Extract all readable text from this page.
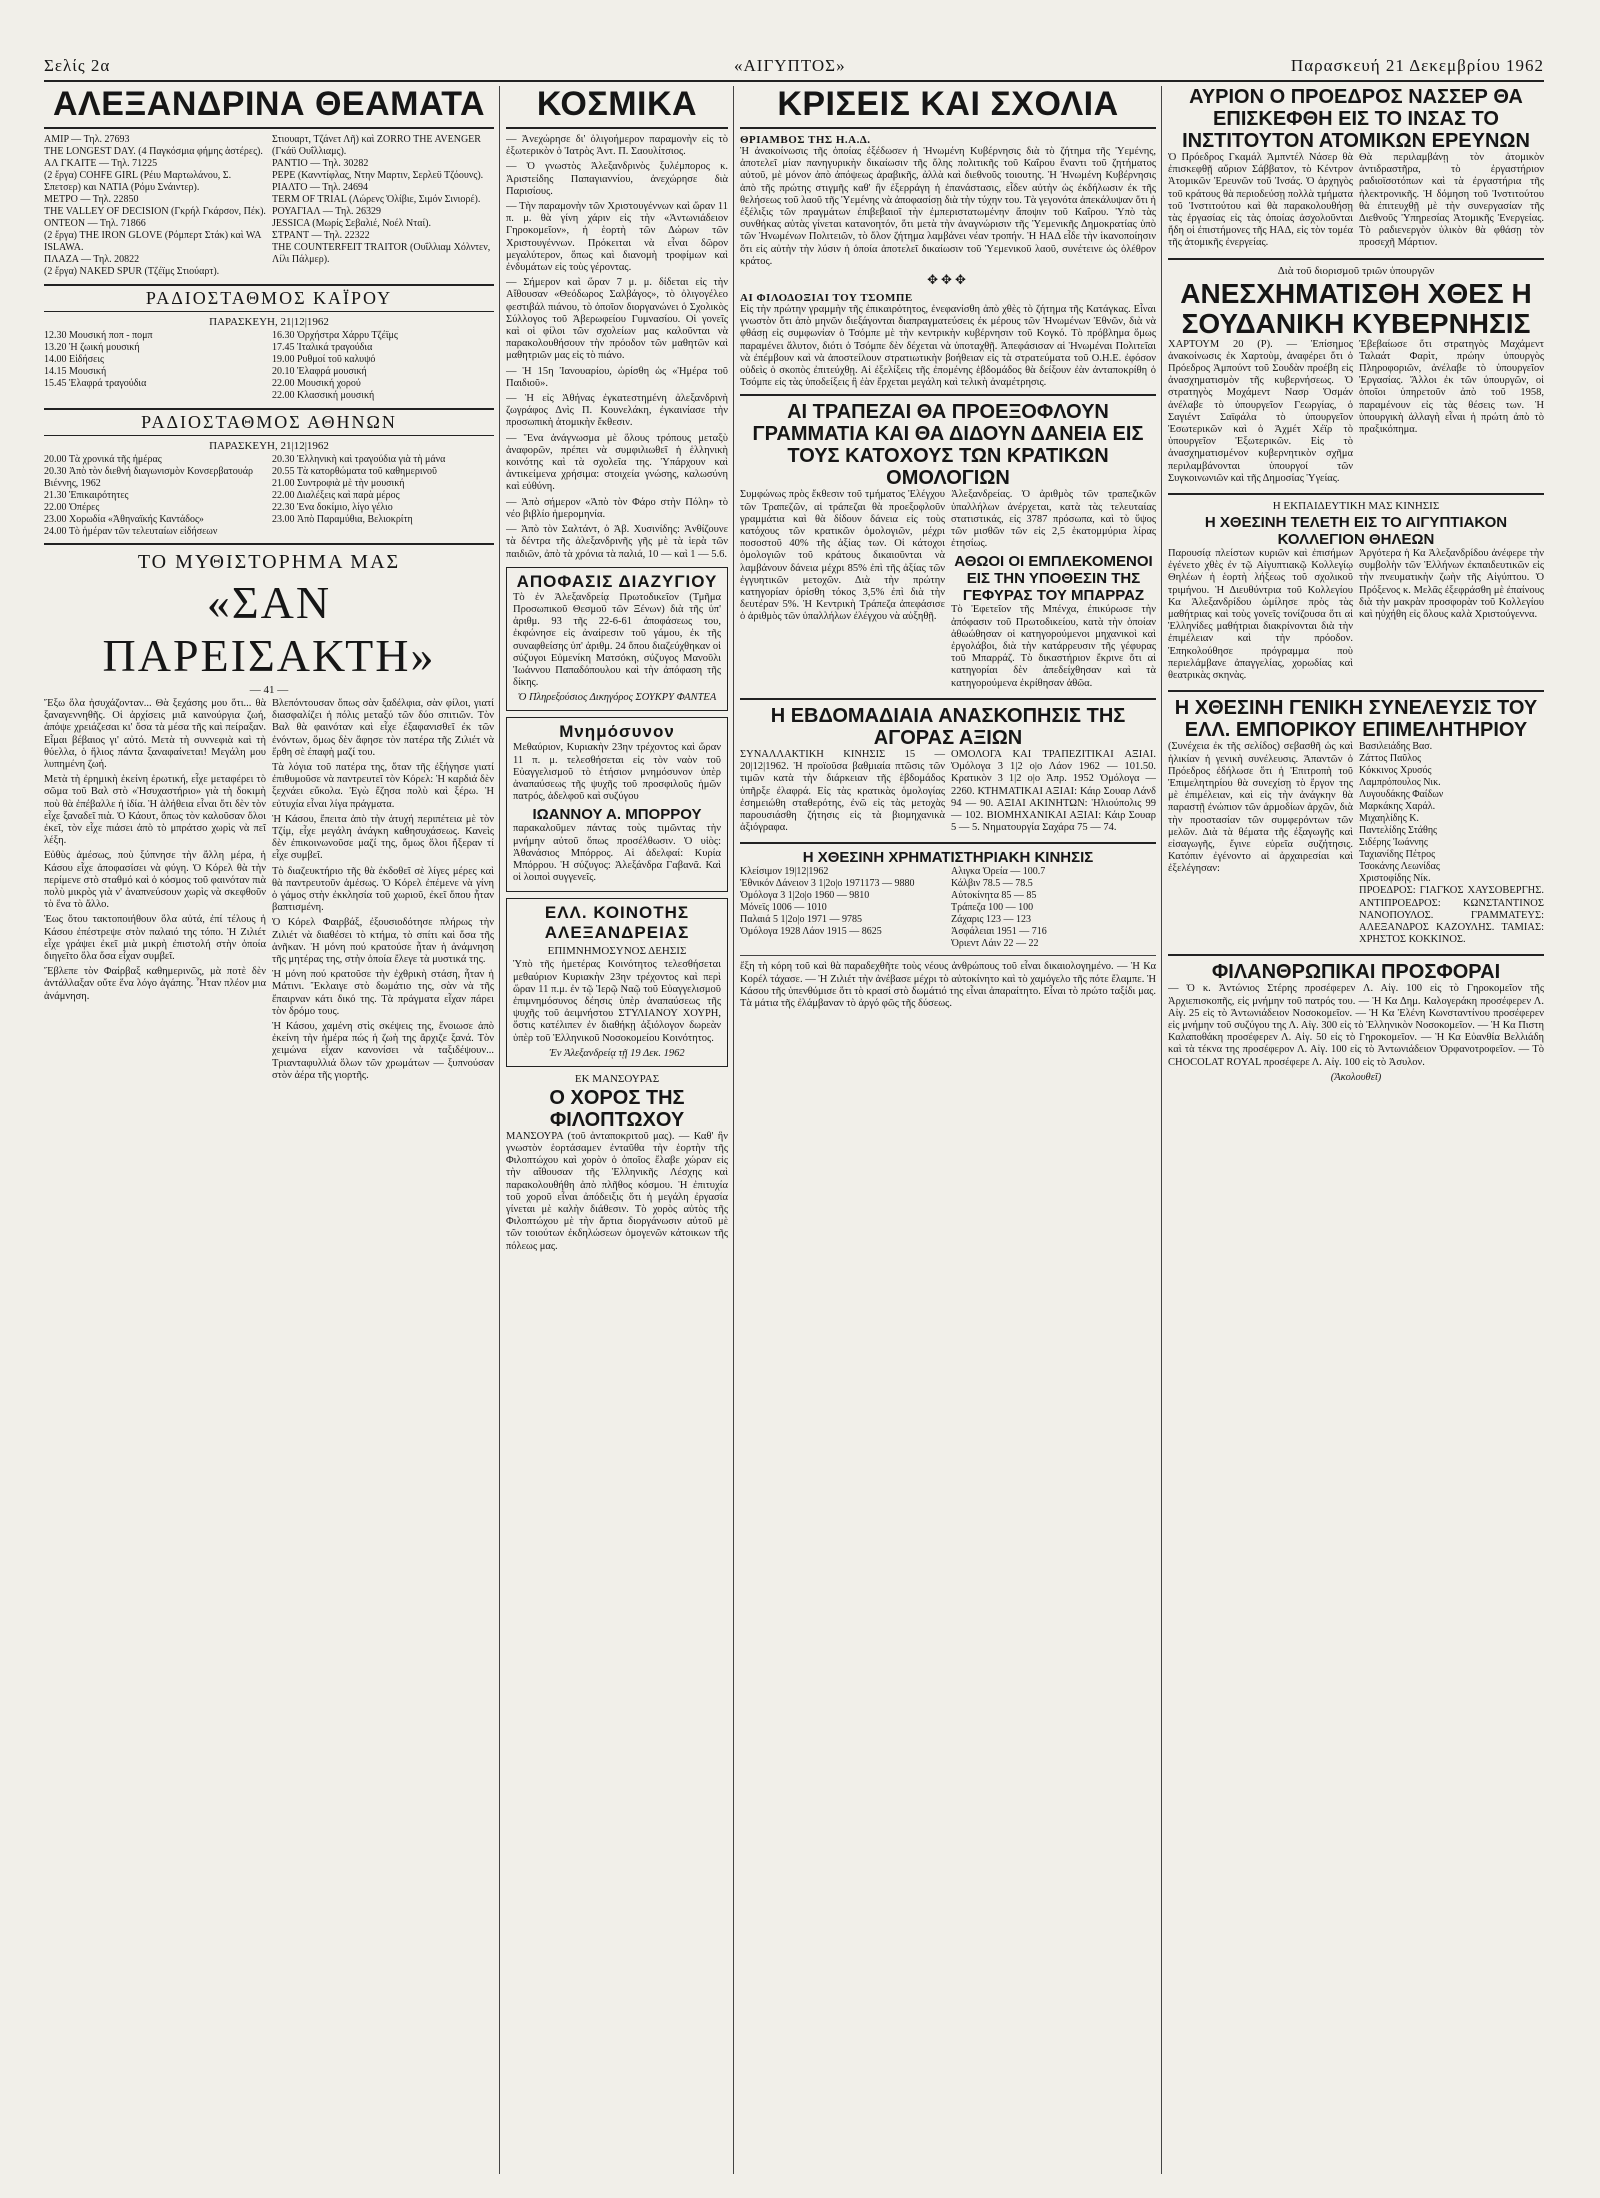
Σελίς 2α	«ΑΙΓΥΠΤΟΣ»	Παρασκευή 21 Δεκεμβρίου 1962
ΑΛΕΞΑΝΔΡΙΝΑ ΘΕΑΜΑΤΑ
AMIP — Τηλ. 27693
THE LONGEST DAY. (4 Παγκόσμια φήμης ἀστέρες).
ΑΛ ΓΚΑΙΤΕ — Τηλ. 71225
(2 ἔργα) COHFE GIRL (Ρέιυ Μαρτωλάνου, Σ. Σπετσερ) και ΝΑΤΙΑ (Ρόμυ Σνάιντερ).
ΜΕΤΡΟ — Τηλ. 22850
THE VALLEY OF DECISION (Γκρήλ Γκάρσον, Πέκ).
ΟΝΤΕΟΝ — Τηλ. 71866
(2 ἔργα) THE IRON GLOVE (Ρόμπερτ Στάκ) καὶ WA ISLAWA.
ΠΛΑΖΑ — Τηλ. 20822
(2 ἔργα) NAKED SPUR (Τζέϊμς Στιούαρτ).
Στιουαρτ, Τζάνετ Λῆ) καὶ ZORRO THE AVENGER (Γκάϋ Ουΐλλιαμς).
ΡΑΝΤΙΟ — Τηλ. 30282
PEPE (Κανντίφλας, Ντην Μαρτιν, Σερλεϋ Τζόουνς).
ΡΙΑΛΤΟ — Τηλ. 24694
TERM OF TRIAL (Λώρενς Ὀλίβιε, Σιμόν Σινιορέ).
ΡΟΥΑΓΙΑΛ — Τηλ. 26329
JESSICA (Μωρίς Σεβαλιέ, Νοέλ Νταί).
ΣΤΡΑΝΤ — Τηλ. 22322
THE COUNTERFEIT TRAITOR (Ουΐλλιαμ Χόλντεν, Λίλι Πάλμερ).
ΡΑΔΙΟΣΤΑΘΜΟΣ ΚΑΪΡΟΥ
ΠΑΡΑΣΚΕΥΗ, 21|12|1962
12.30 Μουσική ποπ - πομπ
13.20 Ἡ ζωική μουσική
14.00 Εἰδήσεις
14.15 Μουσική
15.45 Ἐλαφρά τραγούδια
16.30 Ὀρχήστρα Χάρρυ Τζέϊμς
17.45 Ἰταλικά τραγούδια
19.00 Ρυθμοί τοῦ καλυψό
20.10 Ἐλαφρά μουσική
22.00 Μουσική χορού
22.00 Κλασσική μουσική
ΡΑΔΙΟΣΤΑΘΜΟΣ ΑΘΗΝΩΝ
ΠΑΡΑΣΚΕΥΗ, 21|12|1962
20.00 Τὰ χρονικά τῆς ἡμέρας
20.30 Ἀπὸ τὸν διεθνή διαγωνισμὸν Κονσερβατουάρ Βιέννης, 1962
21.30 Ἐπικαιρότητες
22.00 Ὀπέρες
23.00 Χορωδία «Ἀθηναϊκής Καντάδος»
24.00 Τὸ ἡμέραν τῶν τελευταίων εἰδήσεων
20.30 Ἑλληνικὴ καὶ τραγούδια γιὰ τὴ μάνα
20.55 Τὰ κατορθώματα τοῦ καθημερινοῦ
21.00 Συντροφιὰ μὲ τὴν μουσική
22.00 Διαλέξεις καὶ παρὰ μέρος
22.30 Ἐνα δοκίμιο, λίγο γέλιο
23.00 Ἀπὸ Παραμύθια, Βελιοκρίτη
ΤΟ ΜΥΘΙΣΤΟΡΗΜΑ ΜΑΣ
«ΣΑΝ ΠΑΡΕΙΣΑΚΤΗ»
— 41 —

Ἔξω ὅλα ἠσυχάζονταν... Θὰ ξεχάσης μου ὅτι... θὰ ξαναγεννηθῆς. Οἱ ἀρχίσεις μιᾶ καινούργια ζωή, ἀπόψε χρειάζεσαι κι' ὅσα τὰ μέσα τῆς καὶ πείραξαν. Εἶμαι βέβαιος γι' αὐτό. Μετὰ τὴ συννεφιὰ καὶ τὴ θύελλα, ὁ ἥλιος πάντα ξαναφαίνεται! Μεγάλη μου λυπημένη ζωή.

Μετὰ τὴ ἐρημικὴ ἐκείνη ἐρωτική, εἶχε μεταφέρει τὸ σῶμα τοῦ Βαλ στὸ «Ἡσυχαστήριο» γιὰ τὴ δοκιμὴ ποὺ θὰ ἐπέβαλλε ἡ ἰδία. Ἡ ἀλήθεια εἶναι ὅτι δὲν τὸν εἶχε ξαναδεῖ πιὰ. Ὁ Κάουτ, ὅπως τὸν καλοῦσαν ὅλοι ἐκεῖ, τὸν εἶχε πιάσει ἀπὸ τὸ μπράτσο χωρὶς νὰ πεῖ λέξη.

Εὐθὺς ἀμέσως, ποὺ ξύπνησε τὴν ἄλλη μέρα, ἡ Κάσου εἶχε ἀποφασίσει νὰ φύγη. Ὁ Κόρελ θὰ τὴν περίμενε στὸ σταθμό καὶ ὁ κόσμος τοῦ φαινόταν πιὰ πολὺ μικρὸς γιὰ ν' ἀναπνεύσουν χωρὶς νὰ σκεφθοῦν τὸ ἕνα τὸ ἄλλο.

Ἐως ὅτου τακτοποιήθουν ὅλα αὐτά, ἐπί τέλους ἡ Κάσου ἐπέστρεψε στὸν παλαιό της τόπο. Ἡ Ζιλιέτ εἶχε γράψει ἐκεῖ μιὰ μικρὴ ἐπιστολή στὴν ὁποία διηγεῖτο ὅλα ὅσα εἶχαν συμβεῖ.

Ἔβλεπε τὸν Φαίρβαξ καθημερινῶς, μὰ ποτὲ δὲν ἀντάλλαξαν οὔτε ἕνα λόγο ἀγάπης. Ἦταν πλέον μια ἀνάμνηση.

Βλεπόντουσαν ὅπως σὰν ξαδέλφια, σὰν φίλοι, γιατί διασφαλίζει ἡ πόλις μεταξύ τῶν δύο σπιτιῶν. Τὸν Βαλ θὰ φαινόταν καὶ εἶχε ἐξαφανισθεῖ ἐκ τῶν ἐνόντων, ὅμως δὲν ἄφησε τὸν πατέρα τῆς Ζιλιέτ νὰ ἔρθη σὲ ἐπαφὴ μαζί του.

Τὰ λόγια τοῦ πατέρα της, ὅταν τῆς ἐξήγησε γιατί ἐπιθυμοῦσε νὰ παντρευτεῖ τὸν Κόρελ: Ἡ καρδιά δὲν ξεχνάει εὔκολα. Ἐγὼ ἔζησα πολὺ καὶ ξέρω. Ἡ εὐτυχία εἶναι λίγα πράγματα.

Ἡ Κάσου, ἔπειτα ἀπὸ τὴν ἀτυχή περιπέτεια μὲ τὸν Τζίμ, εἶχε μεγάλη ἀνάγκη καθησυχάσεως. Κανεὶς δὲν ἐπικοινωνοῦσε μαζί της, ὅμως ὅλοι ἤξεραν τί εἶχε συμβεῖ.

Τὸ διαζευκτήριο τῆς θὰ ἐκδοθεῖ σὲ λίγες μέρες καὶ θὰ παντρευτοῦν ἀμέσως. Ὁ Κόρελ ἐπέμενε νὰ γίνη ὁ γάμος στὴν ἐκκλησία τοῦ χωριοῦ, ἐκεῖ ὅπου ἦταν βαπτισμένη.

Ὁ Κόρελ Φαιρβάξ, ἐξουσιοδότησε πλήρως τὴν Ζιλιέτ νὰ διαθέσει τὸ κτήμα, τὸ σπίτι καὶ ὅσα τῆς ἀνῆκαν. Ἡ μόνη πού κρατούσε ἦταν ἡ ἀνάμνηση τῆς μητέρας της, στὴν ὁποία ἔλεγε τὰ μυστικά της.

Ἡ μόνη πού κρατοῦσε τὴν ἐχθρικὴ στάση, ἦταν ἡ Μάτινι. Ἔκλαιγε στὸ δωμάτιο της, σὰν νὰ τῆς ἔπαιρναν κάτι δικό της. Τὰ πράγματα εἶχαν πάρει τὸν δρόμο τους.

Ἡ Κάσου, χαμένη στὶς σκέψεις της, ἔνοιωσε ἀπὸ ἐκείνη τὴν ἡμέρα πώς ἡ ζωὴ της ἄρχιζε ξανά. Τὸν χειμώνα εἶχαν κανονίσει νὰ ταξιδέψουν... Τριανταφυλλιά ὅλων τῶν χρωμάτων — ξυπνούσαν στὸν ἀέρα τῆς γιορτῆς.

ΚΟΣΜΙΚΑ

— Ἀνεχώρησε δι' ὀλιγοήμερον παραμονὴν εἰς τὸ ἐξωτερικὸν ὁ Ἰατρὸς Ἀντ. Π. Σαουλίτσιος.

— Ὁ γνωστὸς Ἀλεξανδρινὸς ξυλέμπορος κ. Ἀριστείδης Παπαγιαννίου, ἀνεχώρησε διὰ Παρισίους.

— Τὴν παραμονὴν τῶν Χριστουγέννων καὶ ὥραν 11 π. μ. θὰ γίνη χάριν εἰς τὴν «Ἀντωνιάδειον Γηροκομεῖον», ἡ ἑορτὴ τῶν Δώρων τῶν Χριστουγέννων. Πρόκειται νὰ εἶναι δῶρον μεγαλύτερον, ὅπως καὶ διανομὴ τροφίμων καὶ ἐνδυμάτων εἰς τοὺς γέροντας.

— Σήμερον καὶ ὥραν 7 μ. μ. δίδεται εἰς τὴν Αἴθουσαν «Θεόδωρος Σαλβάγος», τὸ ὀλιγογέλεο φεστιβάλ πιάνου, τὸ ὁποῖον διοργανώνει ὁ Σχολικὸς Σύλλογος τοῦ Ἀβερωφείου Γυμνασίου. Οἱ γονεῖς καὶ οἱ φίλοι τῶν σχολείων μας καλοῦνται νὰ παρακολουθήσουν τὴν πρόοδον τῶν μαθητῶν καὶ μαθητριῶν μας εἰς τὸ πιάνο.

— Ἡ 15η Ἰανουαρίου, ὡρίσθη ὡς «Ἡμέρα τοῦ Παιδιοῦ».

— Ἡ εἰς Ἀθήνας ἐγκατεστημένη ἀλεξανδρινὴ ζωγράφος Δνὶς Π. Κουνελάκη, ἐγκαινίασε τὴν προσωπικὴ ἀτομικὴν ἔκθεσιν.

— Ἕνα ἀνάγνωσμα μὲ ὅλους τρόπους μεταξὺ ἀναφορῶν, πρέπει νὰ συμφιλιωθεῖ ἡ ἑλληνικὴ κοινότης καὶ τὰ σχολεῖα της. Ὑπάρχουν καὶ ἀντικείμενα χρήσιμα: στοιχεία γνώσης, καλωσύνη καὶ εὐθύνη.

— Ἀπὸ σήμερον «Ἀπὸ τὸν Φάρο στὴν Πόλη» τὸ νέο βιβλίο ἡμερομηνία.

— Ἀπὸ τὸν Σαλτάντ, ὁ Ἀβ. Χυσινίδης: Ἀνθίζουνε τὰ δέντρα τῆς ἀλεξανδρινῆς γῆς μὲ τὰ ἱερὰ τῶν παιδιῶν, ἀπὸ τὰ χρόνια τὰ παλιά, 10 — καὶ 1 — 5.6.

ΑΠΟΦΑΣΙΣ ΔΙΑΖΥΓΙΟΥ

Τὸ ἐν Ἀλεξανδρείᾳ Πρωτοδικεῖον (Τμῆμα Προσωπικοῦ Θεσμοῦ τῶν Ξένων) διὰ τῆς ὑπ' ἀριθμ. 93 τῆς 22-6-61 ἀποφάσεως του, ἐκφώνησε εἰς ἀναίρεσιν τοῦ γάμου, ἐκ τῆς συναφθείσης ὑπ' ἀριθμ. 24 ὅπου διαζεύχθηκαν οἱ σύζυγοι Εὐμενίκη Ματσόκη, σύζυγος Μανοῦλι Ἰωάννου Παπαδόπουλου καὶ τὴν ἀπόφαση τῆς δίκης.

Ὁ Πληρεξούσιος Δικηγόρος ΣΟΥΚΡΥ ΦΑΝΤΕΑ
Μνημόσυνον

Μεθαύριον, Κυριακὴν 23ην τρέχοντος καὶ ὥραν 11 π. μ. τελεσθήσεται εἰς τὸν ναὸν τοῦ Εὐαγγελισμοῦ τὸ ἐτήσιον μνημόσυνον ὑπὲρ ἀναπαύσεως τῆς ψυχῆς τοῦ προσφιλοῦς ἡμῶν πατρός, ἀδελφοῦ καὶ συζύγου

ΙΩΑΝΝΟΥ Α. ΜΠΟΡΡΟΥ

παρακαλοῦμεν πάντας τοὺς τιμῶντας τὴν μνήμην αὐτοῦ ὅπως προσέλθωσιν. Ὁ υἱὸς: Ἀθανάσιος Μπόρρος. Αἱ ἀδελφαί: Κυρία Μπόρρου. Ἡ σύζυγος: Ἀλεξάνδρα Γαβανᾶ. Καὶ οἱ λοιποὶ συγγενεῖς.

ΕΛΛ. ΚΟΙΝΟΤΗΣ ΑΛΕΞΑΝΔΡΕΙΑΣ
ΕΠΙΜΝΗΜΟΣΥΝΟΣ ΔΕΗΣΙΣ

Ὑπὸ τῆς ἡμετέρας Κοινότητος τελεσθήσεται μεθαύριον Κυριακὴν 23ην τρέχοντος καὶ περὶ ὥραν 11 π.μ. ἐν τῷ Ἱερῷ Ναῷ τοῦ Εὐαγγελισμοῦ ἐπιμνημόσυνος δέησις ὑπὲρ ἀναπαύσεως τῆς ψυχῆς τοῦ ἀειμνήστου ΣΤΥΛΙΑΝΟΥ ΧΟΥΡΗ, ὅστις κατέλιπεν ἐν διαθήκῃ ἀξιόλογον δωρεὰν ὑπὲρ τοῦ Ἑλληνικοῦ Νοσοκομείου Κοινότητος.

Ἐν Ἀλεξανδρείᾳ τῇ 19 Δεκ. 1962
ΕΚ ΜΑΝΣΟΥΡΑΣ
Ο ΧΟΡΟΣ ΤΗΣ ΦΙΛΟΠΤΩΧΟΥ

ΜΑΝΣΟΥΡΑ (τοῦ ἀνταποκριτοῦ μας). — Καθ' ἣν γνωστὸν ἑορτάσαμεν ἐνταῦθα τὴν ἑορτὴν τῆς Φιλοπτώχου καὶ χορὸν ὁ ὁποῖος ἔλαβε χώραν εἰς τὴν αἴθουσαν τῆς Ἑλληνικῆς Λέσχης καὶ παρακολουθήθη ἀπὸ πλῆθος κόσμου. Ἡ ἐπιτυχία τοῦ χοροῦ εἶναι ἀπόδειξις ὅτι ἡ μεγάλη ἐργασία γίνεται μὲ καλὴν διάθεσιν. Τὸ χορὸς αὐτὸς τῆς Φιλοπτώχου μὲ τὴν ἄρτια διοργάνωσιν αὐτοῦ μὲ τῶν τοιούτων ἐκδηλώσεων ὁμογενῶν κάτοικων τῆς πόλεως μας.

ΚΡΙΣΕΙΣ ΚΑΙ ΣΧΟΛΙΑ
ΘΡΙΑΜΒΟΣ ΤΗΣ Η.Α.Δ.

Ἡ ἀνακοίνωσις τῆς ὁποίας ἐξέδωσεν ἡ Ἡνωμένη Κυβέρνησις διὰ τὸ ζήτημα τῆς Ὑεμένης, ἀποτελεῖ μίαν πανηγυρικὴν δικαίωσιν τῆς ὅλης πολιτικῆς τοῦ Καΐρου ἔναντι τοῦ ζητήματος αὐτοῦ, μὲ μόνον ἀπὸ ἀπόψεως ἀραβικῆς, ἀλλὰ καὶ διεθνοῦς τοιουτης. Ἡ Ἡνωμένη Κυβέρνησις ἀπὸ τῆς πρώτης στιγμῆς καθ' ἣν ἐξερράγη ἡ ἐπανάστασις, εἶδεν αὐτὴν ὡς ἐκδήλωσιν ἐκ τῆς θελήσεως τοῦ λαοῦ τῆς Ὑεμένης νὰ ἀποφασίσῃ διὰ τὴν τύχην του. Τὰ γεγονότα ἀπεκάλυψαν ὅτι ἡ ἐξέλιξις τῶν πραγμάτων ἐπιβεβαιοῖ τὴν ἐμπεριστατωμένην ἄποψιν τοῦ Καΐρου. Ὑπὸ τὰς συνθήκας αὐτὰς γίνεται κατανοητόν, ὅτι μετὰ τὴν ἀναγνώρισιν τῆς Ὑεμενικῆς Δημοκρατίας ὑπὸ τῶν Ἡνωμένων Πολιτειῶν, τὸ ὅλον ζήτημα λαμβάνει νέαν τροπήν. Ἡ ΗΑΔ εἶδε τὴν ἱκανοποίησιν ὅτι εἰς αὐτὴν τὴν λύσιν ἡ ὁποία ἀποτελεῖ δικαίωσιν τοῦ Ὑεμενικοῦ λαοῦ, συνέτεινε ὡς ὀλέθρον κράτος.

✥✥✥
ΑΙ ΦΙΛΟΔΟΞΙΑΙ ΤΟΥ ΤΣΟΜΠΕ

Εἰς τὴν πρώτην γραμμὴν τῆς ἐπικαιρότητος, ἐνεφανίσθη ἀπὸ χθὲς τὸ ζήτημα τῆς Κατάγκας. Εἶναι γνωστὸν ὅτι ἀπὸ μηνῶν διεξάγονται διαπραγματεύσεις ἐκ μέρους τῶν Ἡνωμένων Ἐθνῶν, διὰ νὰ φθάσῃ εἰς συμφωνίαν ὁ Τσόμπε μὲ τὴν κεντρικὴν κυβέρνησιν τοῦ Κογκό. Τὸ πρόβλημα ὅμως παραμένει ἄλυτον, διότι ὁ Τσόμπε δὲν δέχεται νὰ ὑποταχθῇ. Ἀπεφάσισαν αἱ Ἡνωμέναι Πολιτεῖαι νὰ ἐπέμβουν καὶ νὰ ἀποστείλουν στρατιωτικὴν βοήθειαν εἰς τὰ στρατεύματα τοῦ Ο.Η.Ε. ἐφόσον οὐδεὶς ὁ σκοπὸς ἐπιτεύχθῃ. Αἱ ἐξελίξεις τῆς ἐπομένης ἑβδομάδος θὰ δείξουν ἐὰν ἀνταποκρίθη ὁ Τσόμπε εἰς τὰς ὑποδείξεις ἢ ἐὰν ἔρχεται μεγάλη καὶ τελικὴ ἀναμέτρησις.

ΑΙ ΤΡΑΠΕΖΑΙ ΘΑ ΠΡΟΕΞΟΦΛΟΥΝ ΓΡΑΜΜΑΤΙΑ ΚΑΙ ΘΑ ΔΙΔΟΥΝ ΔΑΝΕΙΑ ΕΙΣ ΤΟΥΣ ΚΑΤΟΧΟΥΣ ΤΩΝ ΚΡΑΤΙΚΩΝ ΟΜΟΛΟΓΙΩΝ

Συμφώνως πρὸς ἔκθεσιν τοῦ τμήματος Ἐλέγχου τῶν Τραπεζῶν, αἱ τράπεζαι θὰ προεξοφλοῦν γραμμάτια καὶ θὰ δίδουν δάνεια εἰς τοὺς κατόχους τῶν κρατικῶν ὁμολογιῶν, μέχρι ποσοστοῦ 40% τῆς ἀξίας των. Οἱ κάτοχοι ὁμολογιῶν τοῦ κράτους δικαιοῦνται νὰ λαμβάνουν δάνεια μέχρι 85% ἐπὶ τῆς ἀξίας τῶν ἐγγυητικῶν μετοχῶν. Διὰ τὴν πρώτην κατηγορίαν ὁρίσθη τόκος 3,5% ἐπὶ διὰ τὴν δευτέραν 5%. Ἡ Κεντρικὴ Τράπεζα ἀπεφάσισε ὁ ἀριθμὸς τῶν ὑπαλλήλων ἐλέγχου νὰ αὐξηθῇ.

Ἀλεξανδρείας. Ὁ ἀριθμὸς τῶν τραπεζικῶν ὑπαλλήλων ἀνέρχεται, κατὰ τὰς τελευταίας στατιστικάς, εἰς 3787 πρόσωπα, καὶ τὸ ὕψος τῶν μισθῶν τῶν εἰς 2,5 ἑκατομμύρια λίρας ἐτησίως.

ΑΘΩΟΙ ΟΙ ΕΜΠΛΕΚΟΜΕΝΟΙ ΕΙΣ ΤΗΝ ΥΠΟΘΕΣΙΝ ΤΗΣ ΓΕΦΥΡΑΣ ΤΟΥ ΜΠΑΡΡΑΖ

Τὸ Ἐφετεῖον τῆς Μπένχα, ἐπικύρωσε τὴν ἀπόφασιν τοῦ Πρωτοδικείου, κατὰ τὴν ὁποίαν ἀθωώθησαν οἱ κατηγορούμενοι μηχανικοὶ καὶ ἐργολάβοι, διὰ τὴν κατάρρευσιν τῆς γέφυρας τοῦ Μπαρράζ. Τὸ δικαστήριον ἔκρινε ὅτι αἱ κατηγορίαι δὲν ἀπεδείχθησαν καὶ τὰ κατηγορούμενα ἐκρίθησαν ἀθῶα.

Η ΕΒΔΟΜΑΔΙΑΙΑ ΑΝΑΣΚΟΠΗΣΙΣ ΤΗΣ ΑΓΟΡΑΣ ΑΞΙΩΝ

ΣΥΝΑΛΛΑΚΤΙΚΗ ΚΙΝΗΣΙΣ 15 — 20|12|1962. Ἡ προϊοῦσα βαθμιαία πτῶσις τῶν τιμῶν κατὰ τὴν διάρκειαν τῆς ἑβδομάδος ὑπῆρξε ἐλαφρά. Εἰς τὰς κρατικὰς ὁμολογίας ἐσημειώθη σταθερότης, ἐνῶ εἰς τὰς μετοχὰς παρουσιάσθη ζήτησις εἰς τὰ βιομηχανικὰ ἀξιόγραφα.

ΟΜΟΛΟΓΑ ΚΑΙ ΤΡΑΠΕΖΙΤΙΚΑΙ ΑΞΙΑΙ. Ὁμόλογα 3 1|2 ο|ο Λάον 1962 — 101.50. Κρατικὸν 3 1|2 ο|ο Ἀπρ. 1952 Ὁμόλογα — 2260. ΚΤΗΜΑΤΙΚΑΙ ΑΞΙΑΙ: Κάιρ Σουαρ Λάνδ 94 — 90. ΑΞΙΑΙ ΑΚΙΝΗΤΩΝ: Ἡλιούπολις 99 — 102. ΒΙΟΜΗΧΑΝΙΚΑΙ ΑΞΙΑΙ: Κάιρ Σουαρ 5 — 5. Νηματουργία Σαχάρα 75 — 74.

Η ΧΘΕΣΙΝΗ ΧΡΗΜΑΤΙΣΤΗΡΙΑΚΗ ΚΙΝΗΣΙΣ
Κλείσιμον 19|12|1962
Ἐθνικόν Δάνειον 3 1|2ο|ο 1971173 — 9880
Ὁμόλογα 3 1|2ο|ο 1960 — 9810
Μόνεϊς 1006 — 1010
Παλαιά 5 1|2ο|ο 1971 — 9785
Ὁμόλογα 1928 Λάον 1915 — 8625
Αλιγκα Ὀρεία — 100.7
Κάλβιν 78.5 — 78.5
Αὐτοκίνητα 85 — 85
Τράπεζα 100 — 100
Ζάχαρις 123 — 123
Ἀσφάλειαι 1951 — 716
Ὀριεντ Λάιν 22 — 22

ἔξη τὴ κόρη τοῦ καὶ θὰ παραδεχθῆτε τοὺς νέους ἀνθρώπους τοῦ εἶναι δικαιολογημένο. — Ἡ Κα Κορέλ τάχασε. — Ἡ Ζιλιέτ τὴν ἀνέβασε μέχρι τὸ αὐτοκίνητο καὶ τὸ χαμόγελο τῆς πότε ἔλαμπε. Ἡ Κάσου τῆς ὑπενθύμισε ὅτι τὸ κρασί στὸ δωμάτιό της εἶναι ἀπαραίτητο. Εἶναι τὸ πρώτο ταξίδι μας. Τὰ μάτια τῆς ἐλάμβαναν τὸ ἀργό φῶς τῆς δύσεως.

ΑΥΡΙΟΝ Ο ΠΡΟΕΔΡΟΣ ΝΑΣΣΕΡ ΘΑ ΕΠΙΣΚΕΦΘΗ ΕΙΣ ΤΟ ΙΝΣΑΣ ΤΟ ΙΝΣΤΙΤΟΥΤΟΝ ΑΤΟΜΙΚΩΝ ΕΡΕΥΝΩΝ

Ὁ Πρόεδρος Γκαμάλ Ἀμπντέλ Νάσερ θὰ ἐπισκεφθῇ αὔριον Σάββατον, τὸ Κέντρον Ἀτομικῶν Ἐρευνῶν τοῦ Ἰνσάς. Ὁ ἀρχηγὸς τοῦ κράτους θὰ περιοδεύσῃ πολλὰ τμήματα τοῦ Ἰνστιτούτου καὶ θὰ παρακολουθήσῃ τὰς ἐργασίας εἰς τὰς ὁποίας ἀσχολοῦνται ἤδη οἱ ἐπιστήμονες τῆς ΗΑΔ, εἰς τὸν τομέα τῆς ἀτομικῆς ἐνεργείας.

Θὰ περιλαμβάνῃ τὸν ἀτομικὸν ἀντιδραστῆρα, τὸ ἐργαστήριον ραδιοϊσοτόπων καὶ τὰ ἐργαστήρια τῆς ἠλεκτρονικῆς. Ἡ δόμηση τοῦ Ἰνστιτούτου θὰ ἐπιτευχθῇ μὲ τὴν συνεργασίαν τῆς Διεθνοῦς Ὑπηρεσίας Ἀτομικῆς Ἐνεργείας. Τὸ ραδιενεργὸν ὑλικὸν θὰ φθάσῃ τὸν προσεχῆ Μάρτιον.

Διὰ τοῦ διορισμοῦ τριῶν ὑπουργῶν
ΑΝΕΣΧΗΜΑΤΙΣΘΗ ΧΘΕΣ Η ΣΟΥΔΑΝΙΚΗ ΚΥΒΕΡΝΗΣΙΣ

ΧΑΡΤΟΥΜ 20 (Ρ). — Ἐπίσημος ἀνακοίνωσις ἐκ Χαρτοὺμ, ἀναφέρει ὅτι ὁ Πρόεδρος Ἀμπούντ τοῦ Σουδὰν προέβη εἰς ἀνασχηματισμὸν τῆς κυβερνήσεως. Ὁ στρατηγὸς Μοχάμεντ Νασρ Ὀσμάν ἀνέλαβε τὸ ὑπουργεῖον Γεωργίας, ὁ Σαγιέντ Σαϊφάλα τὸ ὑπουργεῖον Ἐσωτερικῶν καὶ ὁ Ἀχμέτ Χέϊρ τὸ ὑπουργεῖον Ἐξωτερικῶν. Εἰς τὸ ἀνασχηματισμένον κυβερνητικὸν σχῆμα περιλαμβάνονται ὑπουργοί τῶν Συγκοινωνιῶν καὶ τῆς Δημοσίας Ὑγείας.

Ἐβεβαίωσε ὅτι στρατηγὸς Μαχάμεντ Ταλαάτ Φαρὶτ, πρώην ὑπουργὸς Πληροφοριῶν, ἀνέλαβε τὸ ὑπουργεῖον Ἐργασίας. Ἄλλοι ἐκ τῶν ὑπουργῶν, οἱ ὁποῖοι ὑπηρετοῦν ἀπὸ τοῦ 1958, παραμένουν εἰς τὰς θέσεις των. Ἡ ὑπουργικὴ ἀλλαγὴ εἶναι ἡ πρώτη ἀπὸ τὸ πραξικόπημα.

Η ΕΚΠΑΙΔΕΥΤΙΚΗ ΜΑΣ ΚΙΝΗΣΙΣ
Η ΧΘΕΣΙΝΗ ΤΕΛΕΤΗ ΕΙΣ ΤΟ ΑΙΓΥΠΤΙΑΚΟΝ ΚΟΛΛΕΓΙΟΝ ΘΗΛΕΩΝ

Παρουσίᾳ πλείστων κυριῶν καὶ ἐπισήμων ἐγένετο χθὲς ἐν τῷ Αἰγυπτιακῷ Κολλεγίῳ Θηλέων ἡ ἑορτὴ λήξεως τοῦ σχολικοῦ τριμήνου. Ἡ Διευθύντρια τοῦ Κολλεγίου Κα Ἀλεξανδρίδου ὡμίλησε πρὸς τὰς μαθήτριας καὶ τοὺς γονεῖς τονίζουσα ὅτι αἱ Ἑλληνίδες μαθήτριαι διακρίνονται διὰ τὴν ἐπιμέλειαν καὶ τὴν πρόοδον. Ἐπηκολούθησε πρόγραμμα ποὺ περιελάμβανε ἀπαγγελίας, χορωδίας καὶ θεατρικὰς σκηνὰς.

Ἀργότερα ἡ Κα Ἀλεξανδρίδου ἀνέφερε τὴν συμβολὴν τῶν Ἑλλήνων ἐκπαιδευτικῶν εἰς τὴν πνευματικὴν ζωὴν τῆς Αἰγύπτου. Ὁ Πρόξενος κ. Μελᾶς ἐξεφράσθη μὲ ἐπαίνους διὰ τὴν μακρὰν προσφορὰν τοῦ Κολλεγίου καὶ ηὐχήθη εἰς ὅλους καλὰ Χριστούγεννα.

Η ΧΘΕΣΙΝΗ ΓΕΝΙΚΗ ΣΥΝΕΛΕΥΣΙΣ ΤΟΥ ΕΛΛ. ΕΜΠΟΡΙΚΟΥ ΕΠΙΜΕΛΗΤΗΡΙΟΥ

(Συνέχεια ἐκ τῆς σελίδος) σεβασθῆ ὡς καὶ ἡλικίαν ἡ γενικὴ συνέλευσις. Ἀπαντῶν ὁ Πρόεδρος ἐδήλωσε ὅτι ἡ Ἐπιτροπὴ τοῦ Ἐπιμελητηρίου θὰ συνεχίσῃ τὸ ἔργον της μὲ ἐπιμέλειαν, καὶ εἰς τὴν ἀνάγκην θὰ παραστῇ ἐνώπιον τῶν ἁρμοδίων ἀρχῶν, διὰ τὴν προστασίαν τῶν συμφερόντων τῶν μελῶν. Διὰ τὰ θέματα τῆς ἐξαγωγῆς καὶ εἰσαγωγῆς, ἔγινε εὐρεῖα συζήτησις. Κατόπιν ἐγένοντο αἱ ἀρχαιρεσίαι καὶ ἐξελέγησαν:

Βασιλειάδης Βασ.
Ζάττος Παῦλος
Κόκκινος Χρυσός
Λαμπρόπουλος Νικ.
Λυγουδάκης Φαίδων
Μαρκάκης Χαράλ.
Μιχαηλίδης Κ.
Παντελίδης Στάθης
Σιδέρης Ἰωάννης
Ταχιανίδης Πέτρος
Τσοκάνης Λεωνίδας
Χριστοφίδης Νίκ.

ΠΡΟΕΔΡΟΣ: ΓΙΑΓΚΟΣ ΧΑΥΣΟΒΕΡΓΗΣ. ΑΝΤΙΠΡΟΕΔΡΟΣ: ΚΩΝΣΤΑΝΤΙΝΟΣ ΝΑΝΟΠΟΥΛΟΣ. ΓΡΑΜΜΑΤΕΥΣ: ΑΛΕΞΑΝΔΡΟΣ ΚΑΖΟΥΛΗΣ. ΤΑΜΙΑΣ: ΧΡΗΣΤΟΣ ΚΟΚΚΙΝΟΣ.

ΦΙΛΑΝΘΡΩΠΙΚΑΙ ΠΡΟΣΦΟΡΑΙ

— Ὁ κ. Ἀντώνιος Στέρης προσέφερεν Λ. Αἰγ. 100 εἰς τὸ Γηροκομεῖον τῆς Ἀρχιεπισκοπῆς, εἰς μνήμην τοῦ πατρός του. — Ἡ Κα Δημ. Καλογεράκη προσέφερεν Λ. Αἰγ. 25 εἰς τὸ Ἀντωνιάδειον Νοσοκομεῖον. — Ἡ Κα Ἑλένη Κωνσταντίνου προσέφερεν εἰς μνήμην τοῦ συζύγου της Λ. Αἰγ. 300 εἰς τὸ Ἑλληνικὸν Νοσοκομεῖον. — Ἡ Κα Πιστη Καλαποθάκη προσέφερεν Λ. Αἰγ. 50 εἰς τὸ Γηροκομεῖον. — Ἡ Κα Εὐανθία Βελλιάδη καὶ τὰ τέκνα της προσέφερον Λ. Αἰγ. 100 εἰς τὸ Ἀντωνιάδειον Ὀρφανοτροφεῖον. — Τὸ CHOCOLAT ROYAL προσέφερε Λ. Αἰγ. 100 εἰς τὸ Ἀσυλον.

(Ἀκολουθεῖ)
